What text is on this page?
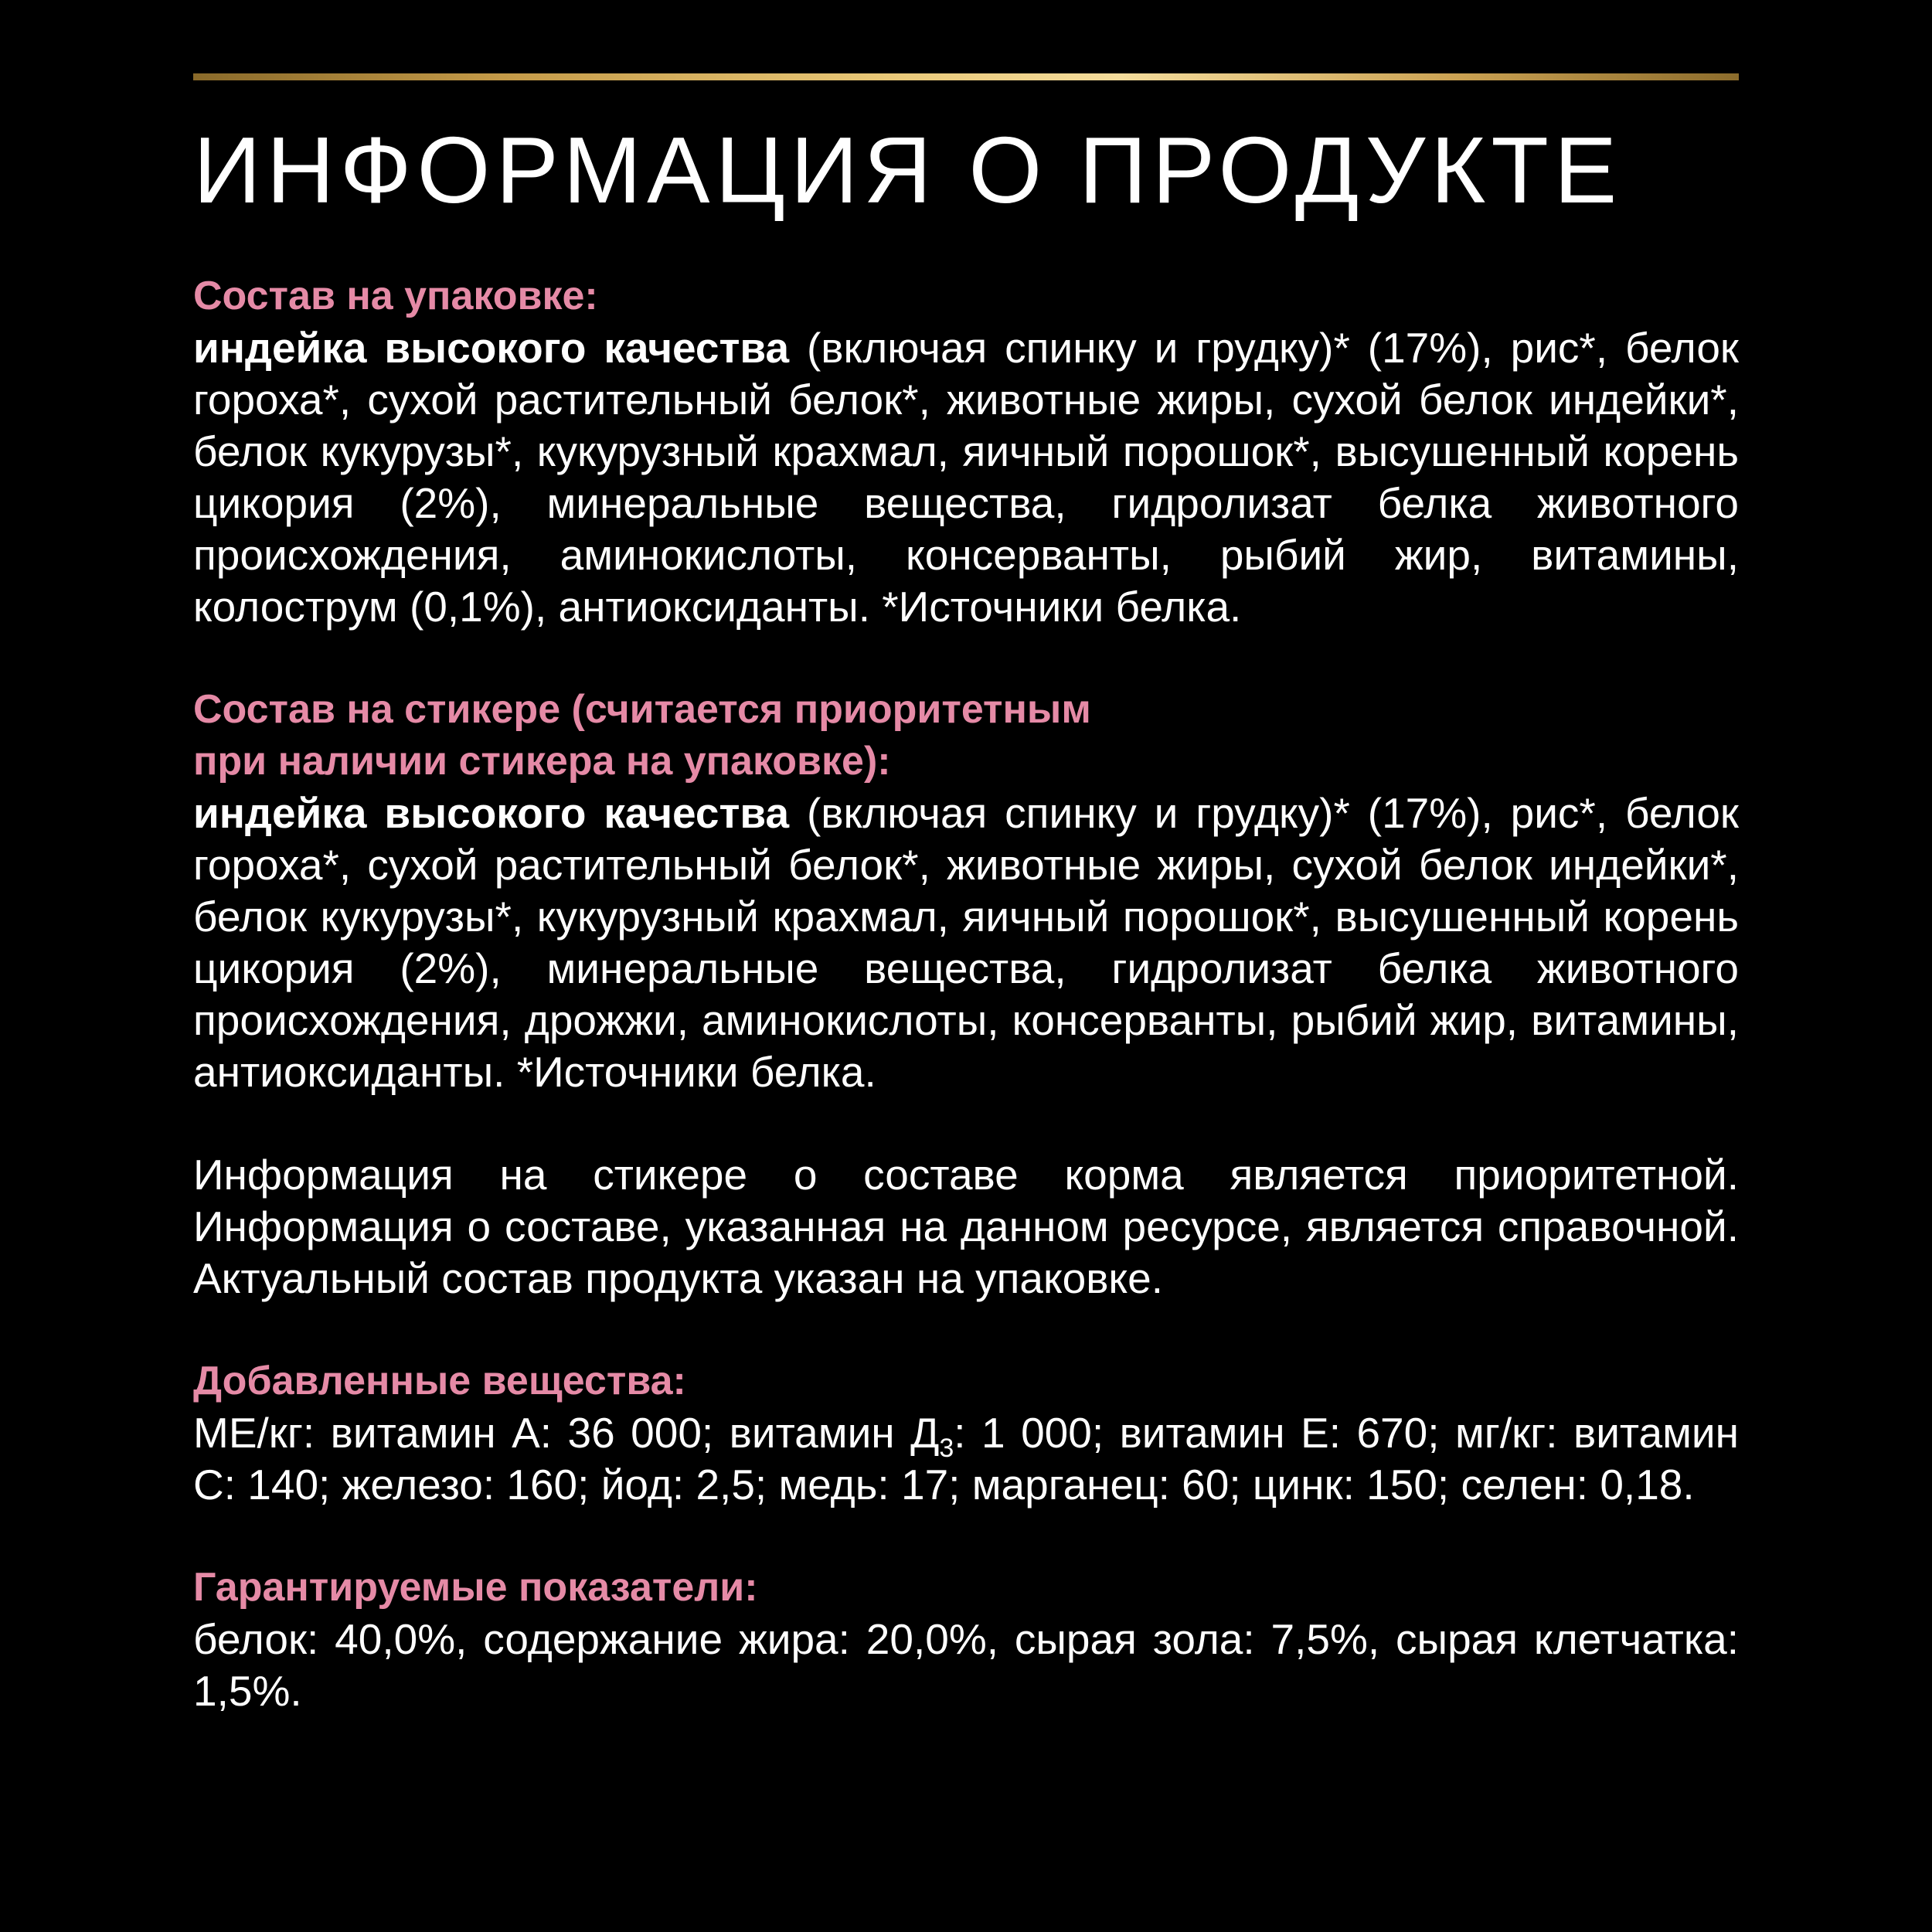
ИНФОРМАЦИЯ О ПРОДУКТЕ

Состав на упаковке:

индейка высокого качества (включая спинку и грудку)* (17%), рис*, белок гороха*, сухой растительный белок*, животные жиры, сухой белок индейки*, белок кукурузы*, кукурузный крахмал, яичный порошок*, высушенный корень цикория (2%), минеральные вещества, гидролизат белка животного происхождения, аминокислоты, консерванты, рыбий жир, витамины, колострум (0,1%), антиоксиданты. *Источники белка.

Состав на стикере (считается приоритетным
при наличии стикера на упаковке):

индейка высокого качества (включая спинку и грудку)* (17%), рис*, белок гороха*, сухой растительный белок*, животные жиры, сухой белок индейки*, белок кукурузы*, кукурузный крахмал, яичный порошок*, высушенный корень цикория (2%), минеральные вещества, гидролизат белка животного происхождения, дрожжи, аминокислоты, консерванты, рыбий жир, витамины, антиоксиданты. *Источники белка.

Информация на стикере о составе корма является приоритетной. Информация о составе, указанная на данном ресурсе, является справочной. Актуальный состав продукта указан на упаковке.

Добавленные вещества:

МЕ/кг: витамин А: 36 000; витамин $Д_3$: 1 000; витамин Е: 670; мг/кг: витамин С: 140; железо: 160; йод: 2,5; медь: 17; марганец: 60; цинк: 150; селен: 0,18.

Гарантируемые показатели:

белок: 40,0%, содержание жира: 20,0%, сырая зола: 7,5%, сырая клетчатка: 1,5%.
